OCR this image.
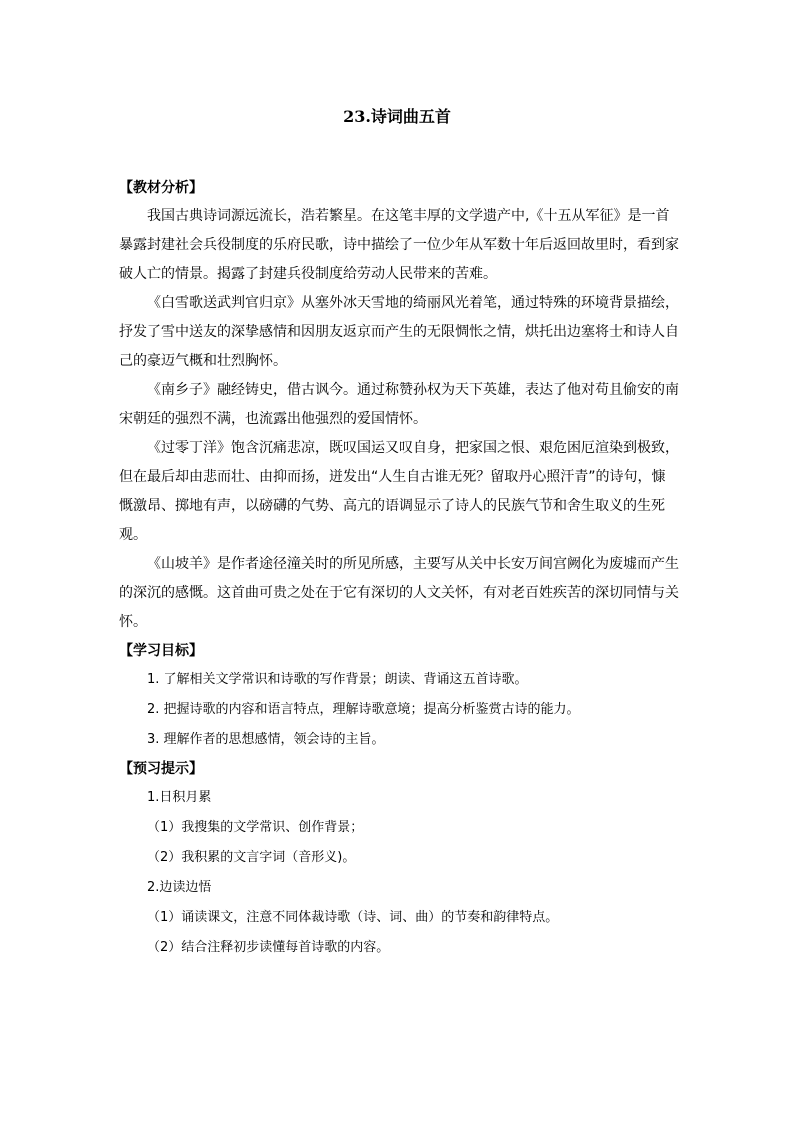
23.诗词曲五首
【教材分析】

我国古典诗词源远流长，浩若繁星。在这笔丰厚的文学遗产中,《十五从军征》是一首暴露封建社会兵役制度的乐府民歌，诗中描绘了一位少年从军数十年后返回故里时，看到家破人亡的情景。揭露了封建兵役制度给劳动人民带来的苦难。

《白雪歌送武判官归京》从塞外冰天雪地的绮丽风光着笔，通过特殊的环境背景描绘，抒发了雪中送友的深挚感情和因朋友返京而产生的无限惆怅之情，烘托出边塞将士和诗人自己的豪迈气概和壮烈胸怀。

《南乡子》融经铸史，借古讽今。通过称赞孙权为天下英雄，表达了他对苟且偷安的南宋朝廷的强烈不满，也流露出他强烈的爱国情怀。

《过零丁洋》饱含沉痛悲凉，既叹国运又叹自身，把家国之恨、艰危困厄渲染到极致，但在最后却由悲而壮、由抑而扬，迸发出“人生自古谁无死？留取丹心照汗青”的诗句，慷慨激昂、掷地有声，以磅礴的气势、高亢的语调显示了诗人的民族气节和舍生取义的生死观。

《山坡羊》是作者途径潼关时的所见所感，主要写从关中长安万间宫阙化为废墟而产生的深沉的感慨。这首曲可贵之处在于它有深切的人文关怀，有对老百姓疾苦的深切同情与关怀。

【学习目标】

1. 了解相关文学常识和诗歌的写作背景；朗读、背诵这五首诗歌。

2. 把握诗歌的内容和语言特点，理解诗歌意境；提高分析鉴赏古诗的能力。

3. 理解作者的思想感情，领会诗的主旨。

【预习提示】

1.日积月累

（1）我搜集的文学常识、创作背景；

（2）我积累的文言字词（音形义)。

2.边读边悟

（1）诵读课文，注意不同体裁诗歌（诗、词、曲）的节奏和韵律特点。

（2）结合注释初步读懂每首诗歌的内容。
